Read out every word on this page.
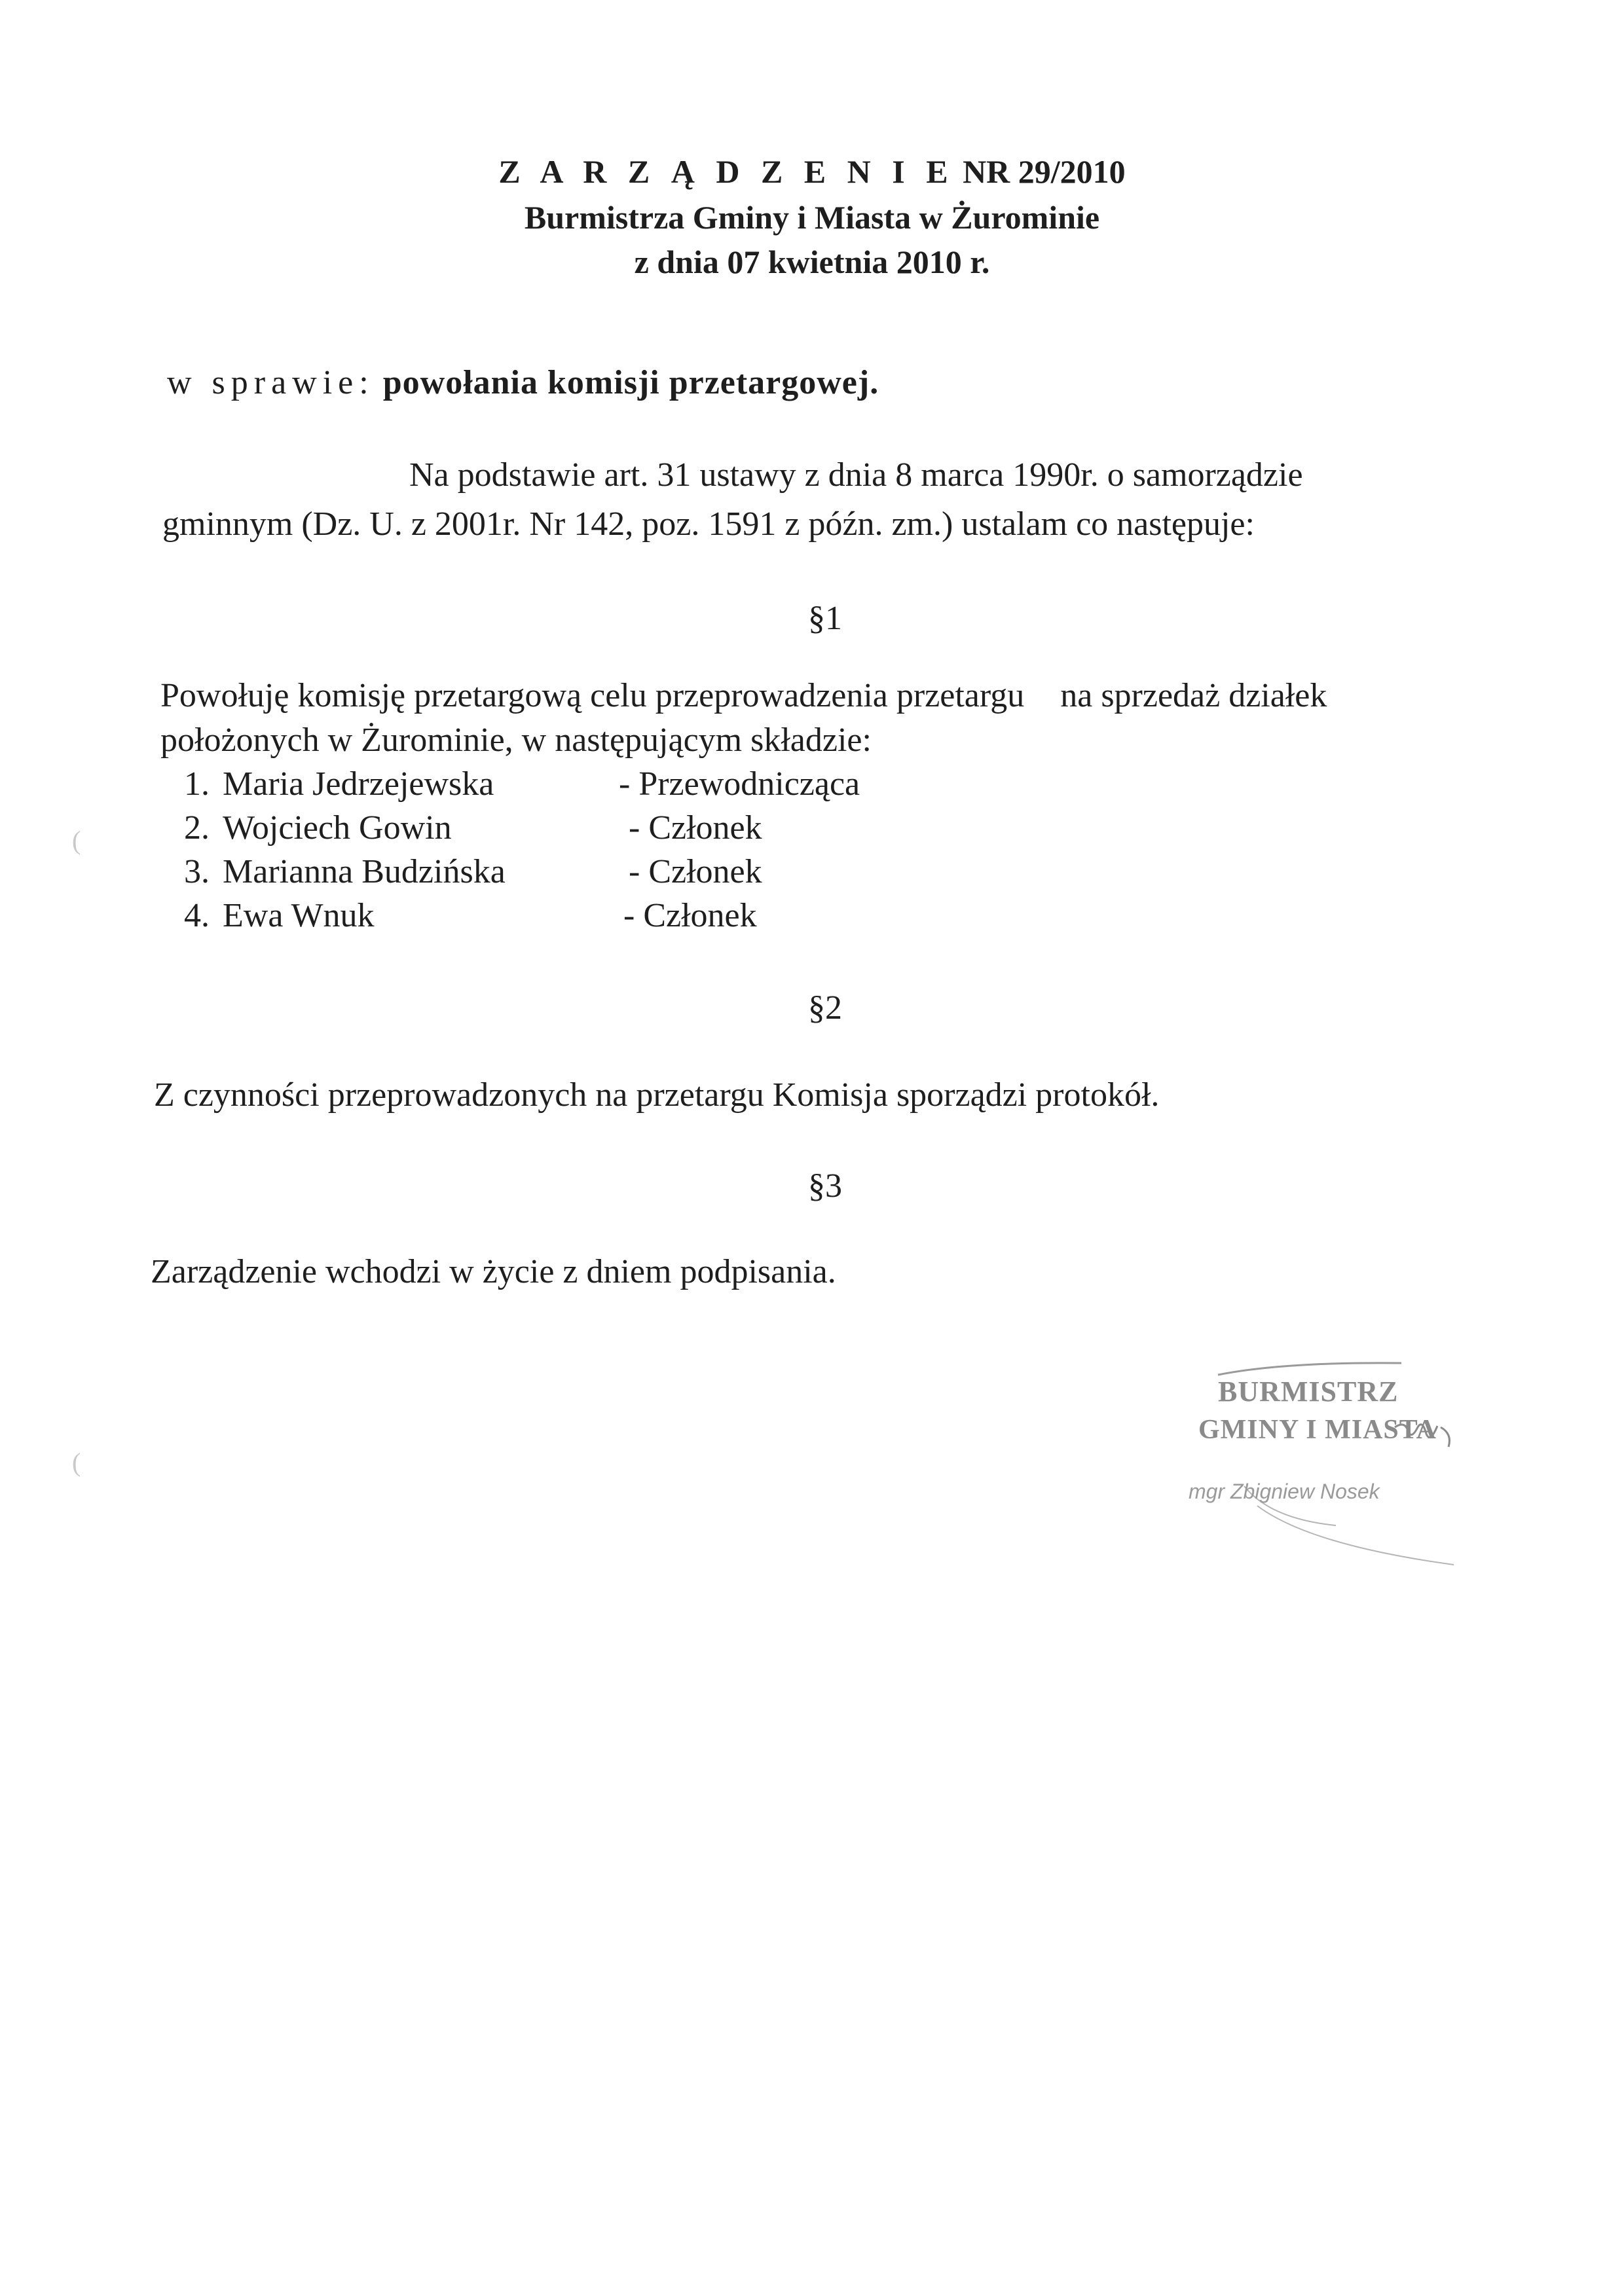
Z A R Z Ą D Z E N I E NR 29/2010
Burmistrza Gminy i Miasta w Żurominie
z dnia 07 kwietnia 2010 r.
w sprawie: powołania komisji przetargowej.
Na podstawie art. 31 ustawy z dnia 8 marca 1990r. o samorządzie
gminnym (Dz. U. z 2001r. Nr 142, poz. 1591 z późn. zm.) ustalam co następuje:
§1
Powołuję komisję przetargową celu przeprowadzenia przetargu na sprzedaż działek
położonych w Żurominie, w następującym składzie:
1. Maria Jedrzejewska	- Przewodnicząca
2. Wojciech Gowin	- Członek
3. Marianna Budzińska	- Członek
4. Ewa Wnuk	- Członek
§2
Z czynności przeprowadzonych na przetargu Komisja sporządzi protokół.
§3
Zarządzenie wchodzi w życie z dniem podpisania.
BURMISTRZ
GMINY I MIASTA
mgr Zbigniew Nosek
(
(
